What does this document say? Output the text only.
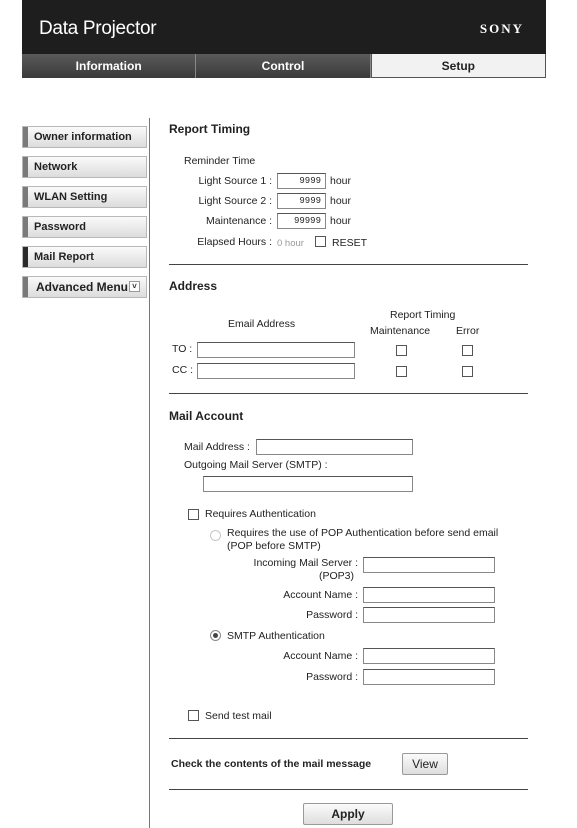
Data Projector	SONY
Information	Control	Setup
Owner information
Network
WLAN Setting
Password
Mail Report
Advanced Menu ˅
Report Timing
Reminder Time
Light Source 1 :	9999 hour
Light Source 2 :	9999 hour
Maintenance :	99999 hour
Elapsed Hours : 0 hour	RESET
Address
Email Address
Report Timing
Maintenance Error
TO :
CC :
Mail Account
Mail Address :
Outgoing Mail Server (SMTP) :
Requires Authentication
Requires the use of POP Authentication before send email
(POP before SMTP)
Incoming Mail Server :
(POP3)
Account Name :
Password :
SMTP Authentication
Account Name :
Password :
Send test mail
Check the contents of the mail message	View
Apply
